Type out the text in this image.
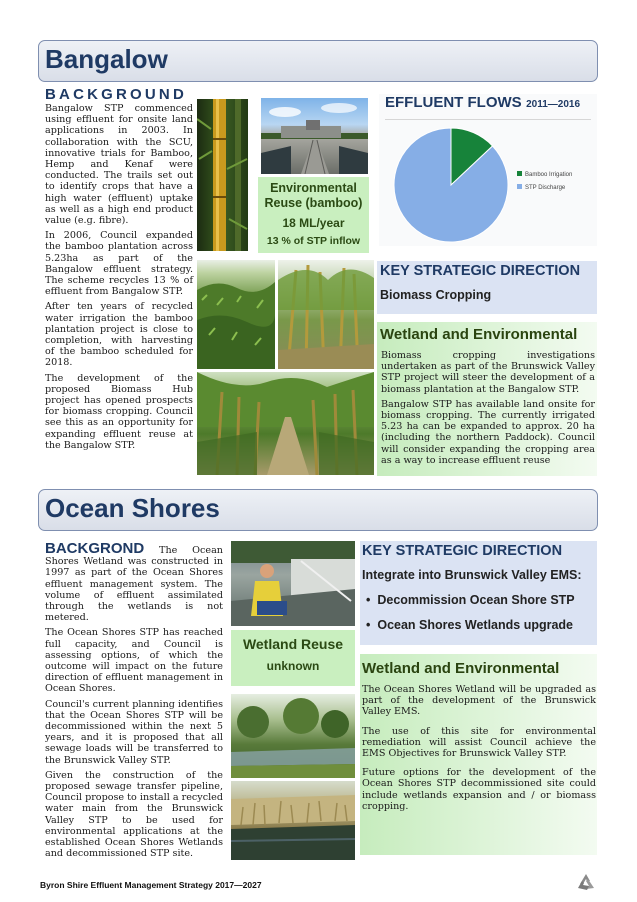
Bangalow
BACKGROUND

Bangalow STP commenced using effluent for onsite land applications in 2003. In collaboration with the SCU, innovative trials for Bamboo, Hemp and Kenaf were conducted. The trails set out to identify crops that have a high water (effluent) uptake as well as a high end product value (e.g. fibre).

In 2006, Council expanded the bamboo plantation across 5.23ha as part of the Bangalow effluent strategy. The scheme recycles 13 % of effluent from Bangalow STP.

After ten years of recycled water irrigation the bamboo plantation project is close to completion, with harvesting of the bamboo scheduled for 2018.

The development of the proposed Biomass Hub project has opened prospects for biomass cropping. Council see this as an opportunity for expanding effluent reuse at the Bangalow STP.

Environmental Reuse (bamboo)
18 ML/year
13 % of STP inflow
EFFLUENT FLOWS 2011—2016
Bamboo Irrigation
STP Discharge
KEY STRATEGIC DIRECTION
Biomass Cropping
Wetland and Environmental

Biomass cropping investigations undertaken as part of the Brunswick Valley STP project will steer the development of a biomass plantation at the Bangalow STP.

Bangalow STP has available land onsite for biomass cropping. The currently irrigated 5.23 ha can be expanded to approx. 20 ha (including the northern Paddock). Council will consider expanding the cropping area as a way to increase effluent reuse

Ocean Shores

BACKGROND The Ocean Shores Wetland was constructed in 1997 as part of the Ocean Shores effluent management system. The volume of effluent assimilated through the wetlands is not metered.

The Ocean Shores STP has reached full capacity, and Council is assessing options, of which the outcome will impact on the future direction of effluent management in Ocean Shores.

Council's current planning identifies that the Ocean Shores STP will be decommissioned within the next 5 years, and it is proposed that all sewage loads will be transferred to the Brunswick Valley STP.

Given the construction of the proposed sewage transfer pipeline, Council propose to install a recycled water main from the Brunswick Valley STP to be used for environmental applications at the established Ocean Shores Wetlands and decommissioned STP site.

Wetland Reuse
unknown
KEY STRATEGIC DIRECTION
Integrate into Brunswick Valley EMS:
• Decommission Ocean Shore STP
• Ocean Shores Wetlands upgrade
Wetland and Environmental

The Ocean Shores Wetland will be upgraded as part of the development of the Brunswick Valley EMS.

The use of this site for environmental remediation will assist Council achieve the EMS Objectives for Brunswick Valley STP.

Future options for the development of the Ocean Shores STP decommissioned site could include wetlands expansion and / or biomass cropping.

Byron Shire Effluent Management Strategy 2017—2027
